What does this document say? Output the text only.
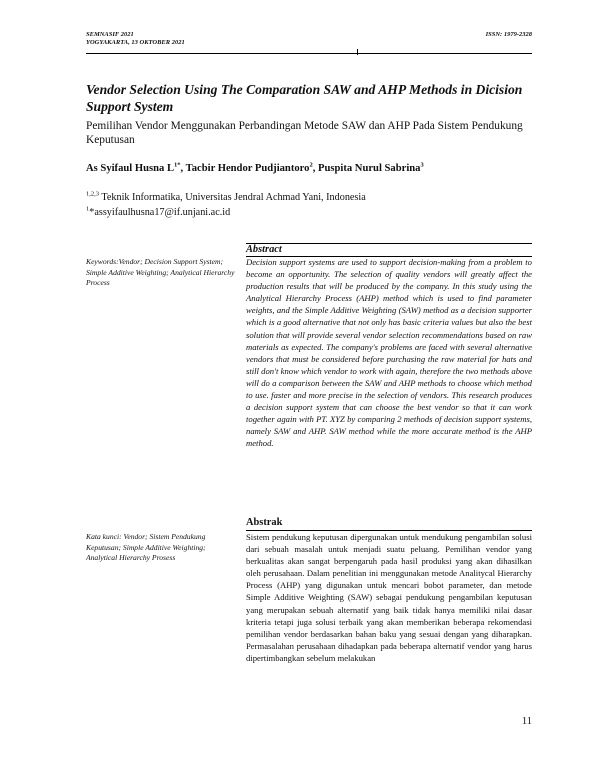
SEMNASIF 2021
YOGYAKARTA, 13 OKTOBER 2021
ISSN: 1979-2328
Vendor Selection Using The Comparation SAW and AHP Methods in Dicision Support System
Pemilihan Vendor Menggunakan Perbandingan Metode SAW dan AHP Pada Sistem Pendukung Keputusan
As Syifaul Husna $L^{1*}$, Tacbir Hendor Pudjiantoro$^2$, Puspita Nurul Sabrina$^3$
$^{1,2,3}$ Teknik Informatika, Universitas Jendral Achmad Yani, Indonesia
$^1$*assyifaulhusna17@if.unjani.ac.id
Abstract
Keywords:Vendor; Decision Support System; Simple Additive Weighting; Analytical Hierarchy Process
Decision support systems are used to support decision-making from a problem to become an opportunity. The selection of quality vendors will greatly affect the production results that will be produced by the company. In this study using the Analytical Hierarchy Process (AHP) method which is used to find parameter weights, and the Simple Additive Weighting (SAW) method as a decision supporter which is a good alternative that not only has basic criteria values but also the best solution that will provide several vendor selection recommendations based on raw materials as expected. The company's problems are faced with several alternative vendors that must be considered before purchasing the raw material for hats and still don't know which vendor to work with again, therefore the two methods above will do a comparison between the SAW and AHP methods to choose which method to use. faster and more precise in the selection of vendors. This research produces a decision support system that can choose the best vendor so that it can work together again with PT. XYZ by comparing 2 methods of decision support systems, namely SAW and AHP. SAW method while the more accurate method is the AHP method.
Abstrak
Kata kunci: Vendor; Sistem Pendukung Keputusan; Simple Additive Weighting; Analytical Hierarchy Prosess
Sistem pendukung keputusan dipergunakan untuk mendukung pengambilan solusi dari sebuah masalah untuk menjadi suatu peluang. Pemilihan vendor yang berkualitas akan sangat berpengaruh pada hasil produksi yang akan dihasilkan oleh perusahaan. Dalam penelitian ini menggunakan metode Analitycal Hierarchy Process (AHP) yang digunakan untuk mencari bobot parameter, dan metode Simple Additive Weighting (SAW) sebagai pendukung pengambilan keputusan yang merupakan sebuah alternatif yang baik tidak hanya memiliki nilai dasar kriteria tetapi juga solusi terbaik yang akan memberikan beberapa rekomendasi pemilihan vendor berdasarkan bahan baku yang sesuai dengan yang diharapkan. Permasalahan perusahaan dihadapkan pada beberapa alternatif vendor yang harus dipertimbangkan sebelum melakukan
11
